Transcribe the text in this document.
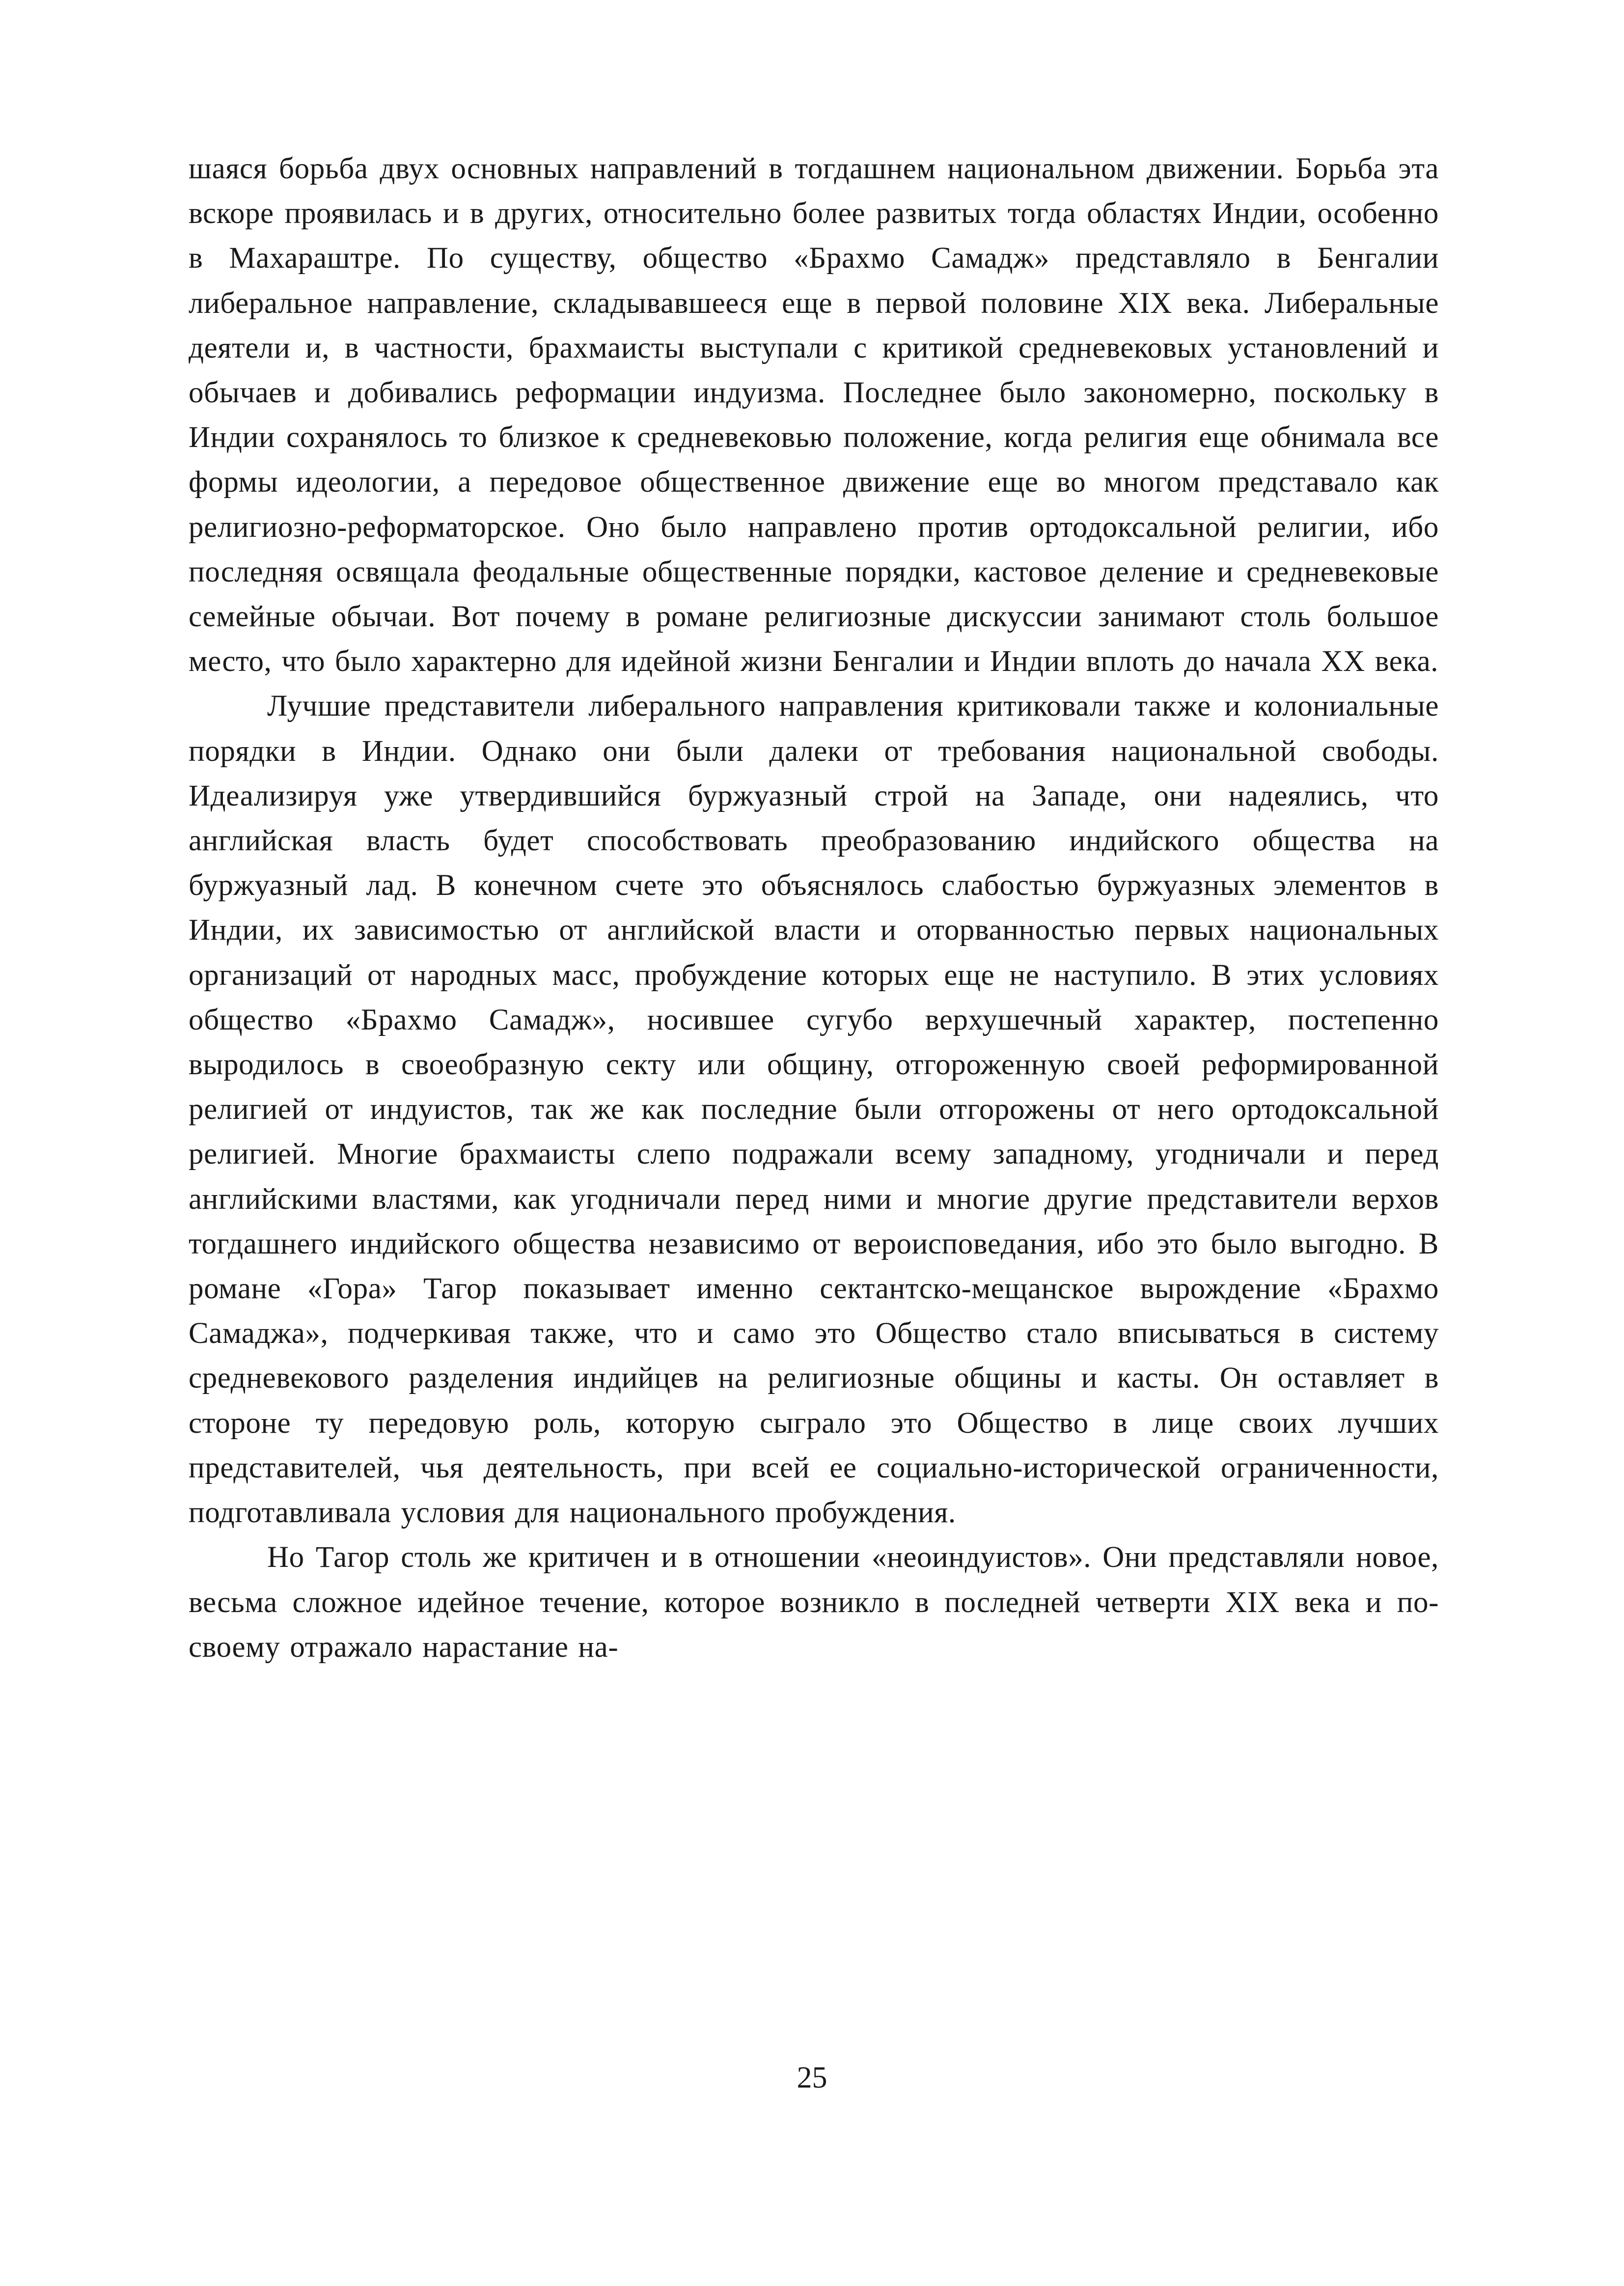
шаяся борьба двух основных направлений в тогдашнем национальном движении. Борьба эта вскоре проявилась и в других, относительно более развитых тогда областях Индии, особенно в Махараштре. По существу, общество «Брахмо Самадж» представляло в Бенгалии либеральное направление, складывавшееся еще в первой половине XIX века. Либеральные деятели и, в частности, брахмаисты выступали с критикой средневековых установлений и обычаев и добивались реформации индуизма. Последнее было закономерно, поскольку в Индии сохранялось то близкое к средневековью положение, когда религия еще обнимала все формы идеологии, а передовое общественное движение еще во многом представало как религиозно-реформаторское. Оно было направлено против ортодоксальной религии, ибо последняя освящала феодальные общественные порядки, кастовое деление и средневековые семейные обычаи. Вот почему в романе религиозные дискуссии занимают столь большое место, что было характерно для идейной жизни Бенгалии и Индии вплоть до начала XX века.

Лучшие представители либерального направления критиковали также и колониальные порядки в Индии. Однако они были далеки от требования национальной свободы. Идеализируя уже утвердившийся буржуазный строй на Западе, они надеялись, что английская власть будет способствовать преобразованию индийского общества на буржуазный лад. В конечном счете это объяснялось слабостью буржуазных элементов в Индии, их зависимостью от английской власти и оторванностью первых национальных организаций от народных масс, пробуждение которых еще не наступило. В этих условиях общество «Брахмо Самадж», носившее сугубо верхушечный характер, постепенно выродилось в своеобразную секту или общину, отгороженную своей реформированной религией от индуистов, так же как последние были отгорожены от него ортодоксальной религией. Многие брахмаисты слепо подражали всему западному, угодничали и перед английскими властями, как угодничали перед ними и многие другие представители верхов тогдашнего индийского общества независимо от вероисповедания, ибо это было выгодно. В романе «Гора» Тагор показывает именно сектантско-мещанское вырождение «Брахмо Самаджа», подчеркивая также, что и само это Общество стало вписываться в систему средневекового разделения индийцев на религиозные общины и касты. Он оставляет в стороне ту передовую роль, которую сыграло это Общество в лице своих лучших представителей, чья деятельность, при всей ее социально-исторической ограниченности, подготавливала условия для национального пробуждения.

Но Тагор столь же критичен и в отношении «неоиндуистов». Они представляли новое, весьма сложное идейное течение, которое возникло в последней четверти XIX века и по-своему отражало нарастание на-

25
